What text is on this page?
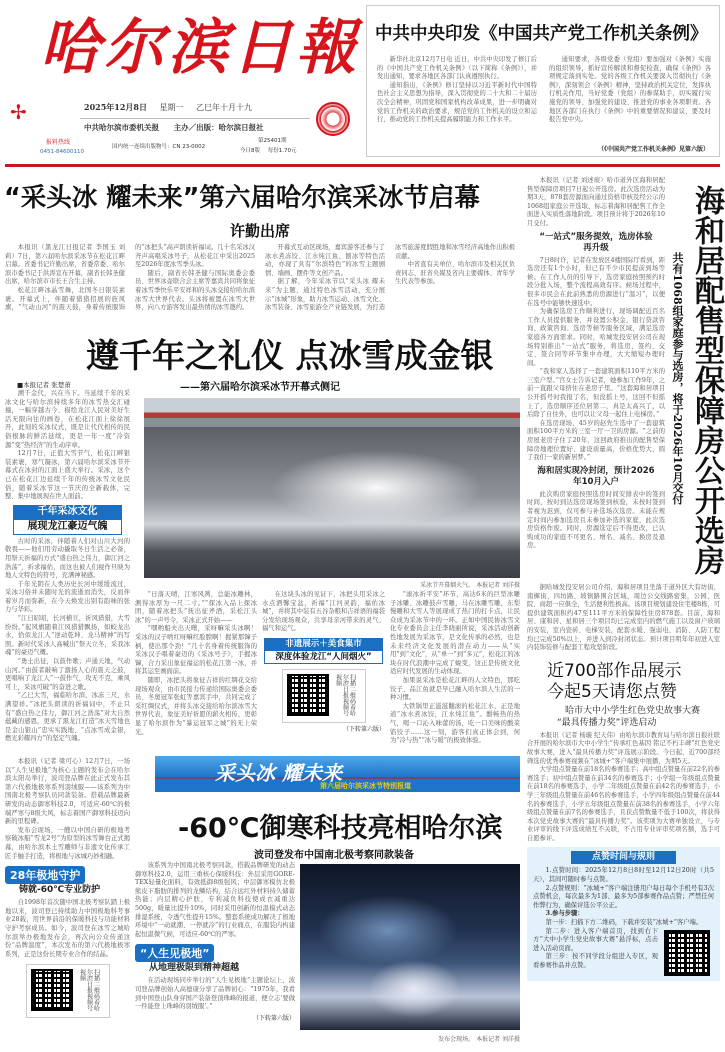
哈尔滨日報
✢	2025年12月8日 星期一 乙巳年十月十九
中共哈尔滨市委机关报 主办／出版：哈尔滨日报社
报料热线
0451-84600110
国内统一连续出版物号：CN 23-0002
第25401期
今日8版 每份1.70元
中共中央印发《中国共产党工作机关条例》

新华社北京12月7日电 近日，中共中央印发了修订后的《中国共产党工作机关条例》（以下简称《条例》），并发出通知，要求各地区各部门认真遵照执行。

通知指出，《条例》修订坚持以习近平新时代中国特色社会主义思想为指导，深入贯彻党的二十大和二十届历次全会精神，巩固党和国家机构改革成果，进一步明确对党的工作机关的政治要求，规范党的工作机关的设立和运行，推动党的工作机关提高履职能力和工作水平。

通知要求，各级党委（党组）要加强对《条例》实施的组织领导，抓好宣传解读和督促检查，确保《条例》各项规定落到实处。党的各级工作机关要深入贯彻执行《条例》，深刻领会《条例》精神，坚持政治机关定位，发挥执行机关作用，当好党委（党组）的参谋助手，切实履行实施党的领导、加强党的建设、推进党的事业各项职责。各地区各部门在执行《条例》中的重要情况和建议，要及时报告党中央。

（《中国共产党工作机关条例》见第六版）
“采头冰 耀未来”第六届哈尔滨采冰节启幕
许勤出席

本报讯（黑龙江日报记者 李国玉 刘莉）7日，第六届哈尔滨采冰节在松花江畔启幕。省委书记许勤出席，省委常委、哈尔滨市委书记于洪涛宣布开幕，副省长韩圣健出席，哈尔滨市市长王合生主持。

松花江畔冰晶雪舞，北国冬日银装素裹。开幕式上，伴随着猎猎招展的旌风旗，“气动山河”的震天鼓，身着传统服饰的“冰把头”高声朗读祈福词。几十名采冰汉齐声高唱采冰号子，从松花江中采出2025至2026年度冰雪季头冰。

随后，副省长韩圣健与国际奥委会委员、世界冰壶联合会主席等嘉宾共同将象征着冰雪季快乐平安祥和的头冰交接给哈尔滨冰雪大世界代表。头冰将被置在冰雪大世界，向八方游客发出最热情的冰雪邀约。

开幕式互动区现场，嘉宾游客还参与了冰水煮冻饺、江水炖江鱼、刨冰等特色活动，亦现了具有“尔滨特色”的冰雪主题剧情、墙画、摆件等文创产品。

据了解，今年采冰节以“采头冰 耀未来”为主题，通过特色冰雪活动，充分展示“冰城”形象，助力冰雪运动、冰雪文化、冰雪装备、冰雪旅游全产业链发展，为打造冰雪旅游度假胜地和冰雪经济高地作出积极贡献。

中省直有关单位、哈尔滨市及相关区负责同志，驻省央媒及省内主要媒体、青年学生代表等参加。

遵千年之礼仪 点冰雪成金银
——第六届哈尔滨采冰节开幕式侧记
采冰节开幕烟火气。 本报记者 刘洋摄
■本报记者 张楚萧

溯千金代，兴在当下。当延续千年的采冰文化与哈尔滨持续多年的冰雪热交汇碰撞，一幅穿越古今、描绘龙江人民对美好生活无限向往的画卷，在松花江面上徐徐展开，此刻的采冰仪式，既是让代代相传的民俗根脉的鲜活延续，更是一年一度“冷资源”变“热经济”的生动序章。

12月7日，正值大雪节气，松花江畔银装素裹，寒气凝冰，第六届哈尔滨采冰节开幕式在冰封的江面上盛大举行。采冰，这个已在松花江边延续千年的传统冰雪文化民俗，随着采冰节这一节庆的全新载体，完整、集中地展现在世人面前。

千年采冰文化
展现龙江豪迈气魄

古时的采冰，伴随着人们对山川大河的敬畏——他们用劳动撬取冬日生活之必备，用祭天祈福的方式“盛白热之伟力，御江河之浩荡”，祈求福佑，而这也被人们视作旦映为地人文特色的符号，充满神秘感。

千年光阴在人类历史长河中缓缓流过，采冰习俗并未随时光的流逝而消失，反而伴着岁月而弥新，在今天焕发出别有韵味的张力与华彩。

“江日昭昭，长河横亘，祈风猎猎，大雪纷纷。”起风旗随着江风猎猎飘扬，如蛟龙出水，恰似龙江人“逆动乾坤、龙马精神”的写照。新时代采冰人高喊出“祭天立冬，采我冰魂”的豪迈气概。

“勇士出征，以鼓作歌；声通天地，气动山河。”由鼓者敲响了激扬人心的震天之鼓，更唱响了龙江人“一鼓作气，攻无不克，乘风可上，采冰可破”的奋进之歌。

“乙巳大雪，福临哈尔滨，冰冻三尺，水满望祥。”冰把头朗读的祈福词中，不止只有“盛白热之伟力，御江河之浩荡”对大自然蕴藏的感恩，更承了黑龙江打造“冰天雪地也是金山银山”忠实实践地、“点冰雪成金银，燃光彩耀四方”的坚定气魄。

“日落天晴，江寒风冽，总能冰雕林，测得冰厚为一尺二寸。”“探冰入品上探冰团，随着冰把头“抚出征斧酒，采松江头冰”的一声号令，采冰正式开始——

“嘿哟船夫出天曙，采呀嘛采头冰啊！采冰的汉子哟红呀嘛红脸膛啊！握紧那镩子柄，使出那个劲！”几十名身着传统服饰的采冰汉子唱着豪迈的《采冰号子》，手握冰镩，合力采出象征福运的松花江第一冰，并将其运至画面前。

随即，冰把头将象征吉祥的红绸花交给现场观众，由市民接力传递给国际奥委会委员、冬奥冠军张虹等嘉宾手中，共同完成了采红绸仪式，并将头冰交接给哈尔滨冰雪大世界代表，象征美好祈愿的薪火相传，更彰显了哈尔滨作为“暴运冠军之城”的无上荣光。

在这块头冰的见证下，冰把头用采冰之水点洒馨宝盆，祈福“江河灵韵，福佑冰城”，并将其中装有五谷杂粮和吉祥语的福袋分发给现场观众，共享母亲河带来的灵气、福气和运气。

非遗展示＋美食集市
深度体验龙江“人间烟火”
扫描二维码看哈尔滨日报视频号视频
（下转第六版）

“滚冰祈平安”环节，高达6米的巨型冰雕子冰雕、冰雕鼓声雪雕，马在冰雕雪雕，东梨慢雕和大雪人等展现成了热门的打卡点，让民众成为采冰节中的一环。正如中国民协冰雪文化专业委员会主任李晓丽所说，采冰活动创新性地发展为采冰节，是文化传承的必然，也是未来经济文化发展的潜在动力——从“实用”到“文化”，从“单一”到“多元”，松花江的冰块在时代浪潮中完成了蜕变，这正是传统文化适应时代发展的生动体现。

加果说采冰是松花江畔的人文特色，那吃饺子、品江鱼就是早已融入哈尔滨人生活的一种习惯。

大铁锅里正滋滋翻滚的松花江水，正是地道“冰水煮冰饺，江水炖江鱼”。酣畅热的热气，喝一口沁入味蕾的汤，吃一口美味的酸菜馅饺子……这一刻，游客们真正体会到，何为“冷与热”“冰与暖”的极致体验。

采头冰 耀未来
第六届哈尔滨采冰节特别报道
-60℃御寒科技亮相哈尔滨
波司登发布中国南北极考察同款装备

本报讯（记者 梁可心）12月7日，一场以“人生见极地”为核心主题的发布会在哈尔滨太阳岛举行，波司登品牌在此正式发布其第六代极地极寒系列羽绒服——该系列为中国南北极考察队员同款装备。搭载品牌最新研发的动态御寒科技2.0，可适应-60℃的极端严寒与8级大风，标志着国产御寒科技迈向新的里程碑。

发布会现场，一艘以中国自研的极地考察破冰船“雪龙2号”为原型的冰雪舞台正式揭幕，由哈尔滨本土雪雕师与非遗文化传承工匠手触手打造，将极地与冰城巧妙相融。

28年极地守护
铸就-60℃专业防护

自1998年首次随中国北极考察队踏上极地以来，波司登已持续助力中国极地科考事业28载，用世界前沿的保暖科技与功能材料守护考察成员。如今，波司登在冰雪之城哈尔滨举办极地发布会，再次向公众传递这份“品牌温度”，本次发布的第六代极地极寒系列，正是这份长期专业合作的结晶。

扫描二维码看哈尔滨日报视频号视频

该系列为中国南北极考察同款，搭载品牌研发的动态御寒科技2.0，运用三重核心保暖科技：外层采用GORE-TEX轻量化面料，有效抵御8级强风；中层御寒模仿北极熊皮下脂肪的排列的龙鳞结构，结合远红外材料持久储蓄热能；内层精心护肤，专利减负科技使成衣减重达500g，暖量比提升10%，同时采用创新的恒温模式动态排湿系统，令透气性提升15%。整套系统成功解决了极地环境中“一动就潮、一停就冷”的行业痛点，在服装内构建起恒温微气候，可适应-60℃的严寒。

“人生见极地”
从地理极限到精神超越

在活动现场同步举行的“人生见极地”主题论坛上，波司登品牌创始人高德康分享了品牌初心：“1975年，我看到中国登山队身穿国产装备登顶珠峰的报道，便立志‘要做一件能登上珠峰的羽绒服’。”

（下转第六版）
发布会现场。 本报记者 刘洋摄
海和居配售型保障房公开选房
共有1068组家庭参与选房，将于2026年10月交付

本报讯（记者 刘述玻）哈市道外区海和居配售型保障房项目7日起公开选房。此次选房活动为期3天，878套房源面向通过资格审核及经公示的1068组家庭公开选取，标志着海和居配售工作全面进入实质性落地阶段。项目预计将于2026年10月交付。

“一站式”服务提效，选房体验再升级

7日8时许，记者在发放区4楼国际厅看到，距选房还有1个小时，但已有不少市民提前到场等候。在工作人员的引导下，选房家庭按照预约时段分批入场，整个流程高效有序。候场过程中，很多市民会在此前熟悉的房源进行“温习”，以便在选号中能够快速选中。

为确保选房工作顺利进行，现场调配近百名工作人员提供服务，并设置公积金、银行贷款咨询、政策咨询、选房等候等服务区域，满足选房家庭各方面需求。同时，哈城发投安居公司在现场特别推出“一站式”服务，将选房、签约、交定、签合同等环节集中办理，大大缩短办理时间。

“我和家人选择了一套建筑面积110平方米的三室户型。”宫女士告诉记者，她参加工作9年，之前一直跟父母挤住在老房子里。“这套海和居项目公开摇号时我报了名，但没摇上号，这回不但摇上了，选房顺序还位居第二，真是太高兴了，以后除了自住外，也可以让父母一起住上电梯房。”

在选房现场，45岁的赵先生选中了一套建筑面积100平方米的三室一厅一卫的房源。“之前的房屋老房子住了20年，这回政府推出的配售型保障房地理位置好、建设质量高，价格优势大，圆了我们一家的新居梦。”

海和居实现冷封闭，预计2026年10月入户

此次购房家庭按照选房时间安排表中的签到时间，按时到达选房现场签到核验，未按时签到者视为迟到，仅可参与补选场次选房。未能在规定时间内参加选房且未参加补选的家庭，此次选房资格作废。同时，房源选定后不得更改，已认购成功的家庭不可更名、增名、减名、换房及退房。

据哈城发投安居公司介绍，海和居项目坐落于道外区大有坊街，南樨街、四坊路、坡镇路围合区域，周边公交线路密集，公园、医院、商超一应俱全，生活便利性极高。该项目规划建设住宅楼8栋，可提供建筑面积约47至111平方米的保障性住房878套。目前，海和居、康和居、星和居三个项目均已完成室内的燃气施工以及窗户玻璃的安装，室内瓷砖、电梯安装，配套水暖、强弱电、消防、人防工程均已完成50%以上，并进入到冷封闭状态。预计项目明年年初进入室内装饰装修与配套工程攻坚阶段。

近700部作品展示
今起5天请您点赞
哈市大中小学生红色党史故事大赛
“最具传播力奖”评选启动

本报讯（记者 杨璇 纪天伟）由哈尔滨市教育局与哈尔滨日报社联合开展的哈尔滨市大中小学生“传承红色基因 铭记不朽丰碑”红色党史故事大赛，进入“最具传播力奖”评选展示阶段。今日起，近700部经筛选的优秀参赛视频在“冰城+”客户端集中展播，为期5天。

大学组点赞量在前18名的参赛选手；高中组点赞量在前22名的参赛选手；初中组点赞量在前34名的参赛选手；小学组一年级组点赞量在前18名的参赛选手，小学二年级组点赞量在前42名的参赛选手，小学三年级组点赞量在前46名的参赛选手，小学四年级组点赞量在前44名的参赛选手，小学五年级组点赞量在前38名的参赛选手，小学六年级组点赞量在前7名的参赛选手，且获点赞数量不低于100次，将获得本次党史故事大赛的“最具传播力奖”。该奖项为大赛单独设立，与专业评审的线下评选成绩互不关联，不占用专业评审奖项名额，选手可自愿参评。

点赞时间与规则

1.点赞时间：2025年12月8日8时至12月12日20时（共5天），其间可随时参与点赞。

2.点赞规则：“冰城+”客户端注册用户每日每个手机号有3次点赞机会，每次最多为1部、最多为5部参赛作品点赞；严禁任何作弊行为，确保评选公平公正。

3.参与步骤：

第一步：扫描下方二维码，下载并安装“冰城+”客户端。

第二步：进入客户端首页，找到右下方“大中小学生党史故事大赛”悬浮标，点击进入活动页面。

第三步：按不同学段分组进入专区，观看参赛作品并点赞。
